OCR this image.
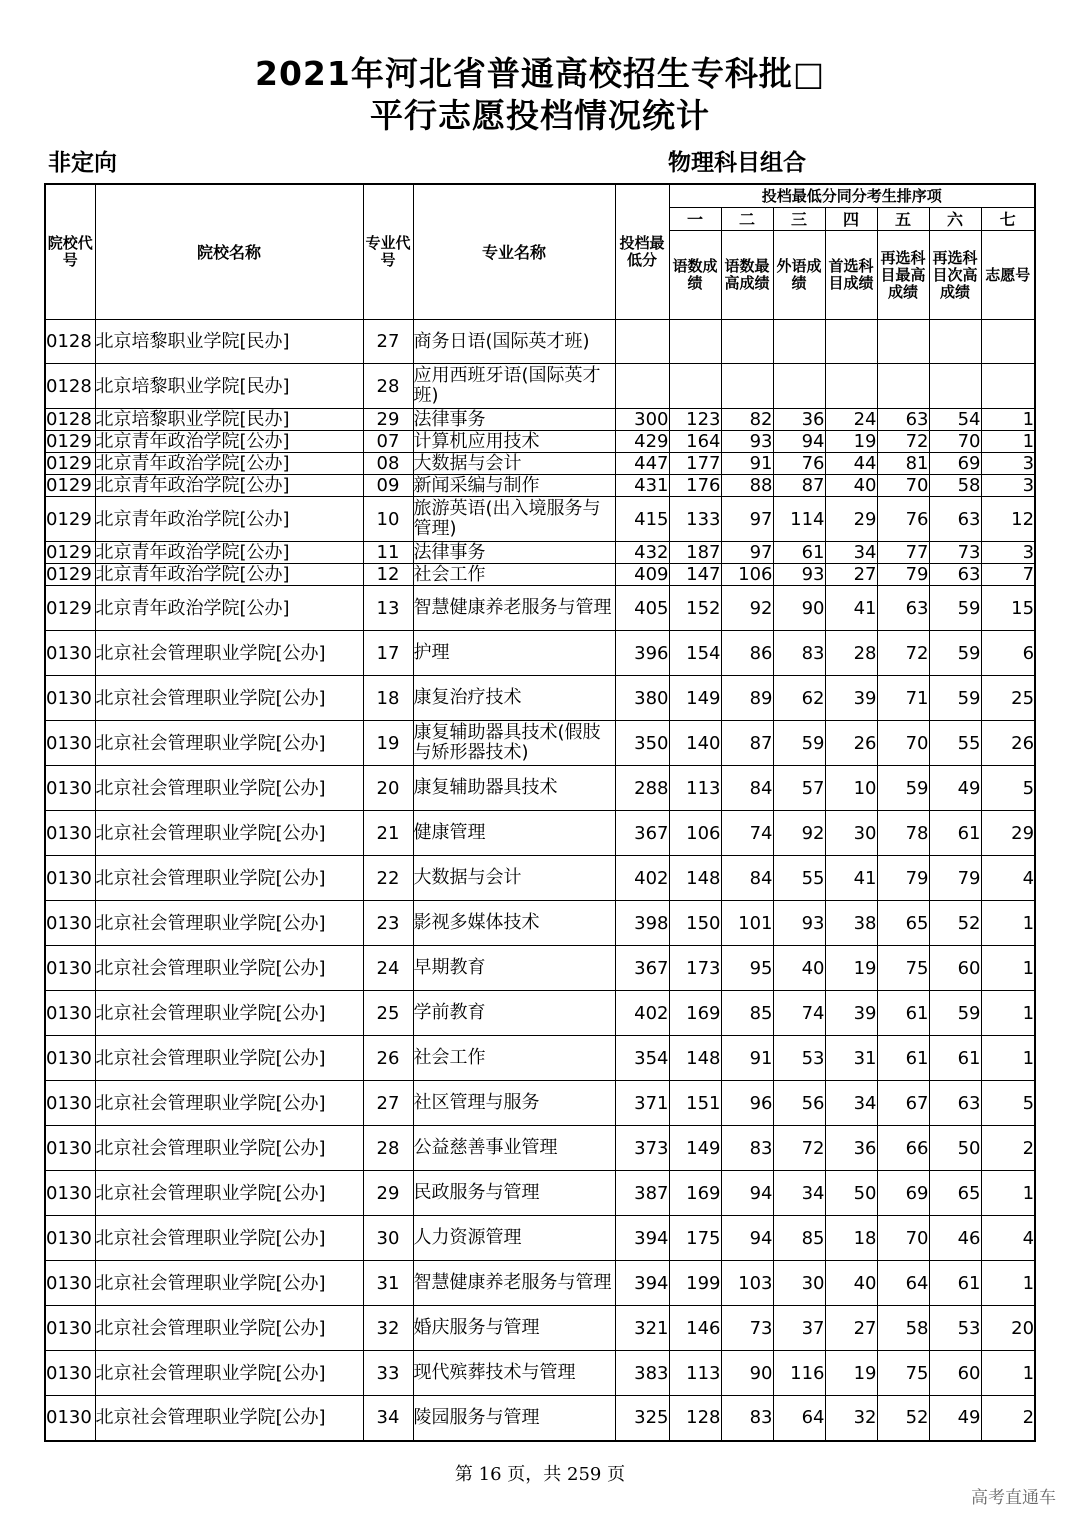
2021年河北省普通高校招生专科批□
平行志愿投档情况统计
非定向	物理科目组合
院校代号	院校名称	专业代号	专业名称	投档最低分	投档最低分同分考生排序项						
					一	二	三	四	五	六	七
					语数成绩	语数最高成绩	外语成绩	首选科目成绩	再选科目最高成绩	再选科目次高成绩	志愿号
0128	北京培黎职业学院[民办]	27	商务日语(国际英才班)								
0128	北京培黎职业学院[民办]	28	应用西班牙语(国际英才班)								
0128	北京培黎职业学院[民办]	29	法律事务	300	123	82	36	24	63	54	1
0129	北京青年政治学院[公办]	07	计算机应用技术	429	164	93	94	19	72	70	1
0129	北京青年政治学院[公办]	08	大数据与会计	447	177	91	76	44	81	69	3
0129	北京青年政治学院[公办]	09	新闻采编与制作	431	176	88	87	40	70	58	3
0129	北京青年政治学院[公办]	10	旅游英语(出入境服务与管理)	415	133	97	114	29	76	63	12
0129	北京青年政治学院[公办]	11	法律事务	432	187	97	61	34	77	73	3
0129	北京青年政治学院[公办]	12	社会工作	409	147	106	93	27	79	63	7
0129	北京青年政治学院[公办]	13	智慧健康养老服务与管理	405	152	92	90	41	63	59	15
0130	北京社会管理职业学院[公办]	17	护理	396	154	86	83	28	72	59	6
0130	北京社会管理职业学院[公办]	18	康复治疗技术	380	149	89	62	39	71	59	25
0130	北京社会管理职业学院[公办]	19	康复辅助器具技术(假肢与矫形器技术)	350	140	87	59	26	70	55	26
0130	北京社会管理职业学院[公办]	20	康复辅助器具技术	288	113	84	57	10	59	49	5
0130	北京社会管理职业学院[公办]	21	健康管理	367	106	74	92	30	78	61	29
0130	北京社会管理职业学院[公办]	22	大数据与会计	402	148	84	55	41	79	79	4
0130	北京社会管理职业学院[公办]	23	影视多媒体技术	398	150	101	93	38	65	52	1
0130	北京社会管理职业学院[公办]	24	早期教育	367	173	95	40	19	75	60	1
0130	北京社会管理职业学院[公办]	25	学前教育	402	169	85	74	39	61	59	1
0130	北京社会管理职业学院[公办]	26	社会工作	354	148	91	53	31	61	61	1
0130	北京社会管理职业学院[公办]	27	社区管理与服务	371	151	96	56	34	67	63	5
0130	北京社会管理职业学院[公办]	28	公益慈善事业管理	373	149	83	72	36	66	50	2
0130	北京社会管理职业学院[公办]	29	民政服务与管理	387	169	94	34	50	69	65	1
0130	北京社会管理职业学院[公办]	30	人力资源管理	394	175	94	85	18	70	46	4
0130	北京社会管理职业学院[公办]	31	智慧健康养老服务与管理	394	199	103	30	40	64	61	1
0130	北京社会管理职业学院[公办]	32	婚庆服务与管理	321	146	73	37	27	58	53	20
0130	北京社会管理职业学院[公办]	33	现代殡葬技术与管理	383	113	90	116	19	75	60	1
0130	北京社会管理职业学院[公办]	34	陵园服务与管理	325	128	83	64	32	52	49	2
第 16 页，共 259 页
高考直通车
